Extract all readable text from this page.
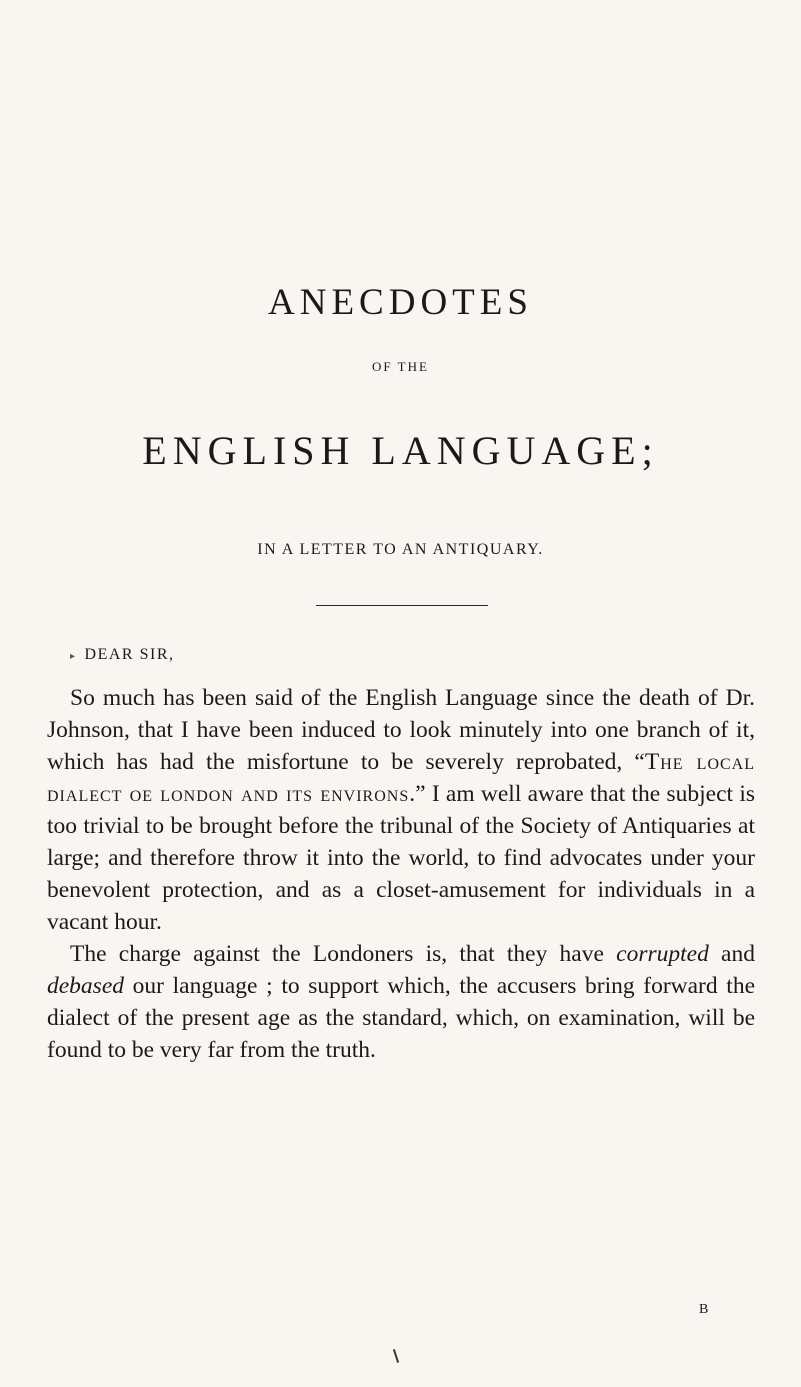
ANECDOTES
OF THE
ENGLISH LANGUAGE;
IN A LETTER TO AN ANTIQUARY.
▸ DEAR SIR,

So much has been said of the English Language since the death of Dr. Johnson, that I have been induced to look minutely into one branch of it, which has had the misfortune to be severely reprobated, “The local dialect oe london and its environs.” I am well aware that the subject is too trivial to be brought before the tribunal of the Society of Antiquaries at large; and therefore throw it into the world, to find advocates under your benevolent protection, and as a closet-amusement for individuals in a vacant hour.

The charge against the Londoners is, that they have corrupted and debased our language ; to support which, the accusers bring forward the dialect of the present age as the standard, which, on examination, will be found to be very far from the truth.

B
